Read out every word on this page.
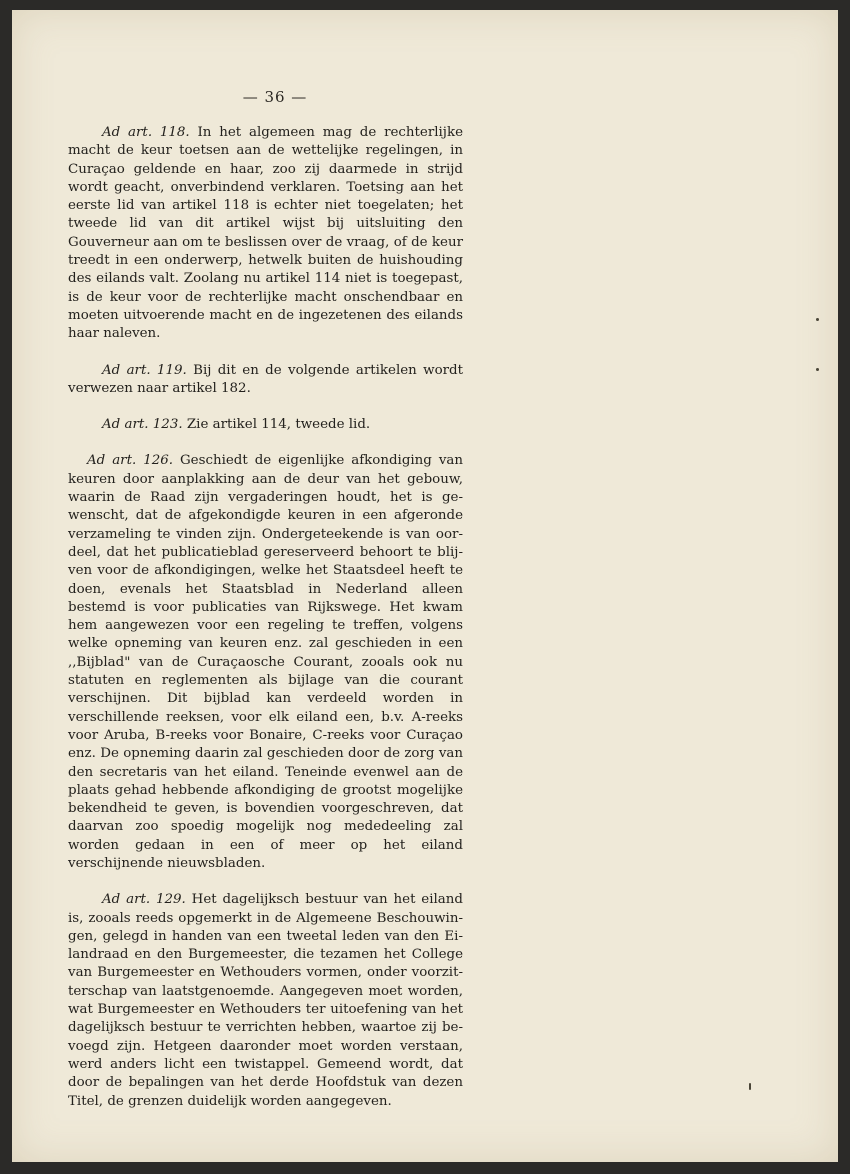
— 36 —

Ad art. 118. In het algemeen mag de rechterlijke macht de keur toetsen aan de wettelijke regelingen, in Curaçao geldende en haar, zoo zij daarmede in strijd wordt geacht, onverbindend verklaren. Toetsing aan het eerste lid van artikel 118 is echter niet toegelaten; het tweede lid van dit artikel wijst bij uitsluiting den Gouverneur aan om te beslissen over de vraag, of de keur treedt in een onderwerp, hetwelk buiten de huishouding des eilands valt. Zoolang nu artikel 114 niet is toegepast, is de keur voor de rechterlijke macht onschendbaar en moeten uitvoerende macht en de ingezetenen des eilands haar naleven.

Ad art. 119. Bij dit en de volgende artikelen wordt verwezen naar artikel 182.

Ad art. 123. Zie artikel 114, tweede lid.

Ad art. 126. Geschiedt de eigenlijke afkondiging van keuren door aanplakking aan de deur van het gebouw, waarin de Raad zijn vergaderingen houdt, het is gewenscht, dat de afgekondigde keuren in een afgeronde verzameling te vinden zijn. Ondergeteekende is van oordeel, dat het publicatieblad gereserveerd behoort te blijven voor de afkondigingen, welke het Staatsdeel heeft te doen, evenals het Staatsblad in Nederland alleen bestemd is voor publicaties van Rijkswege. Het kwam hem aangewezen voor een regeling te treffen, volgens welke opneming van keuren enz. zal geschieden in een ,,Bijblad" van de Curaçaosche Courant, zooals ook nu statuten en reglementen als bijlage van die courant verschijnen. Dit bijblad kan verdeeld worden in verschillende reeksen, voor elk eiland een, b.v. A-reeks voor Aruba, B-reeks voor Bonaire, C-reeks voor Curaçao enz. De opneming daarin zal geschieden door de zorg van den secretaris van het eiland. Teneinde evenwel aan de plaats gehad hebbende afkondiging de grootst mogelijke bekendheid te geven, is bovendien voorgeschreven, dat daarvan zoo spoedig mogelijk nog mededeeling zal worden gedaan in een of meer op het eiland verschijnende nieuwsbladen.

Ad art. 129. Het dagelijksch bestuur van het eiland is, zooals reeds opgemerkt in de Algemeene Beschouwingen, gelegd in handen van een tweetal leden van den Eilandraad en den Burgemeester, die tezamen het College van Burgemeester en Wethouders vormen, onder voorzitterschap van laatstgenoemde. Aangegeven moet worden, wat Burgemeester en Wethouders ter uitoefening van het dagelijksch bestuur te verrichten hebben, waartoe zij bevoegd zijn. Hetgeen daaronder moet worden verstaan, werd anders licht een twistappel. Gemeend wordt, dat door de bepalingen van het derde Hoofdstuk van dezen Titel, de grenzen duidelijk worden aangegeven.
